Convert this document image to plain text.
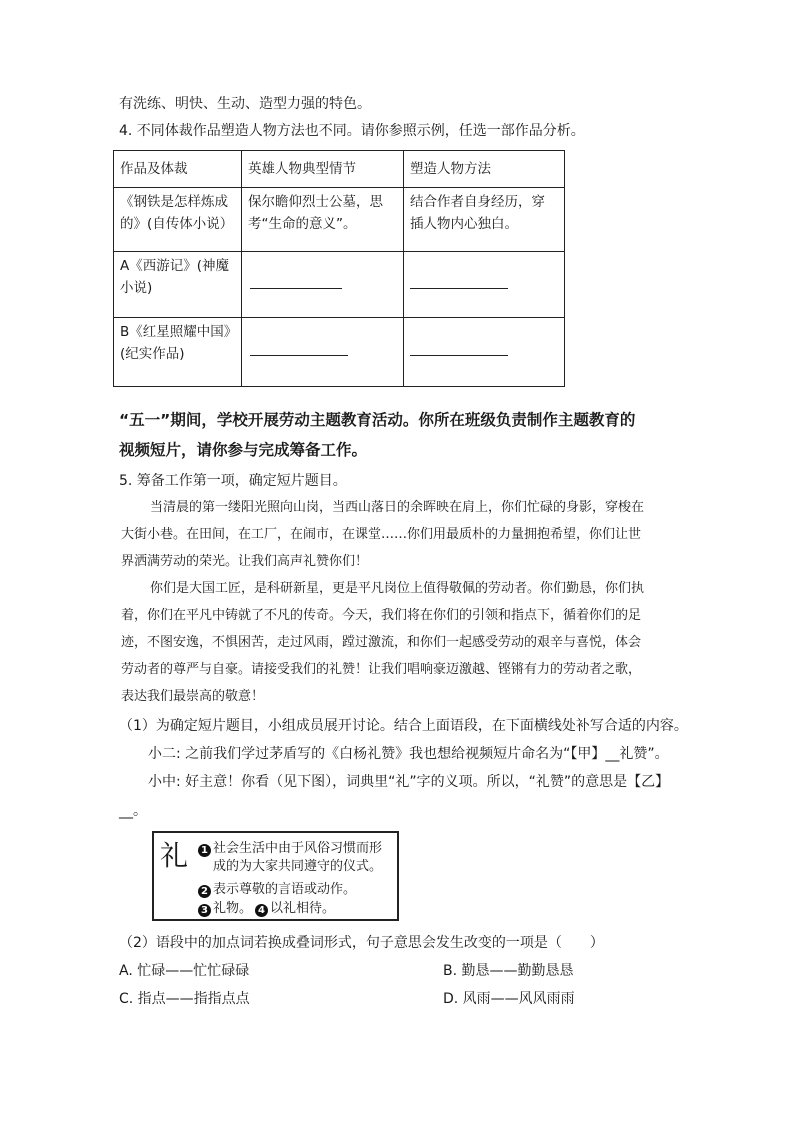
有洗练、明快、生动、造型力强的特色。

4. 不同体裁作品塑造人物方法也不同。请你参照示例，任选一部作品分析。

作品及体裁	英雄人物典型情节	塑造人物方法
《钢铁是怎样炼成的》(自传体小说）	保尔瞻仰烈士公墓，思考“生命的意义”。	结合作者自身经历，穿插人物内心独白。
A《西游记》(神魔小说)		
B《红星照耀中国》(纪实作品)		

“五一”期间，学校开展劳动主题教育活动。你所在班级负责制作主题教育的

视频短片，请你参与完成筹备工作。

5. 筹备工作第一项，确定短片题目。

当清晨的第一缕阳光照向山岗，当西山落日的余晖映在肩上，你们忙碌的身影，穿梭在

大街小巷。在田间，在工厂，在闹市，在课堂……你们用最质朴的力量拥抱希望，你们让世

界洒满劳动的荣光。让我们高声礼赞你们！

你们是大国工匠，是科研新星，更是平凡岗位上值得敬佩的劳动者。你们勤恳，你们执

着，你们在平凡中铸就了不凡的传奇。今天，我们将在你们的引领和指点下，循着你们的足

迹，不图安逸，不惧困苦，走过风雨，蹚过激流，和你们一起感受劳动的艰辛与喜悦，体会

劳动者的尊严与自豪。请接受我们的礼赞！让我们唱响豪迈激越、铿锵有力的劳动者之歌，

表达我们最崇高的敬意！

（1）为确定短片题目，小组成员展开讨论。结合上面语段，在下面横线处补写合适的内容。

小二: 之前我们学过茅盾写的《白杨礼赞》我也想给视频短片命名为“【甲】__礼赞”。

小中: 好主意！你看（见下图），词典里“礼”字的义项。所以，“礼赞”的意思是【乙】

__。

礼	1 社会生活中由于风俗习惯而形
成的为大家共同遵守的仪式。
2 表示尊敬的言语或动作。
3 礼物。 4 以礼相待。

（2）语段中的加点词若换成叠词形式，句子意思会发生改变的一项是（　　）

A. 忙碌——忙忙碌碌	B. 勤恳——勤勤恳恳

C. 指点——指指点点	D. 风雨——风风雨雨
